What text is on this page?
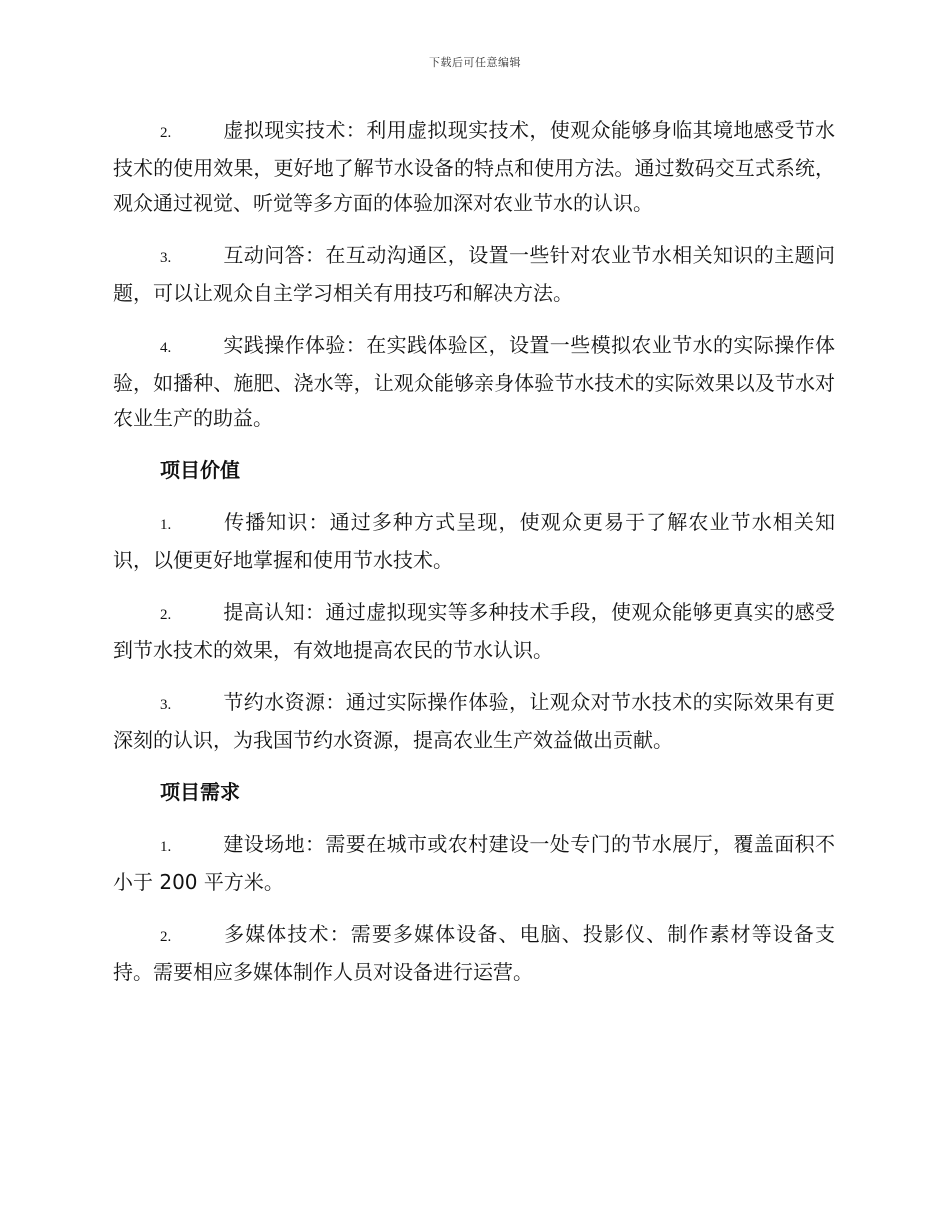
下载后可任意编辑

2.	虚拟现实技术：利用虚拟现实技术，使观众能够身临其境地感受节水技术的使用效果，更好地了解节水设备的特点和使用方法。通过数码交互式系统，观众通过视觉、听觉等多方面的体验加深对农业节水的认识。

3.	互动问答：在互动沟通区，设置一些针对农业节水相关知识的主题问题，可以让观众自主学习相关有用技巧和解决方法。

4.	实践操作体验：在实践体验区，设置一些模拟农业节水的实际操作体验，如播种、施肥、浇水等，让观众能够亲身体验节水技术的实际效果以及节水对农业生产的助益。

项目价值

1.	传播知识：通过多种方式呈现，使观众更易于了解农业节水相关知识，以便更好地掌握和使用节水技术。

2.	提高认知：通过虚拟现实等多种技术手段，使观众能够更真实的感受到节水技术的效果，有效地提高农民的节水认识。

3.	节约水资源：通过实际操作体验，让观众对节水技术的实际效果有更深刻的认识，为我国节约水资源，提高农业生产效益做出贡献。

项目需求

1.	建设场地：需要在城市或农村建设一处专门的节水展厅，覆盖面积不小于 200 平方米。

2.	多媒体技术：需要多媒体设备、电脑、投影仪、制作素材等设备支持。需要相应多媒体制作人员对设备进行运营。
